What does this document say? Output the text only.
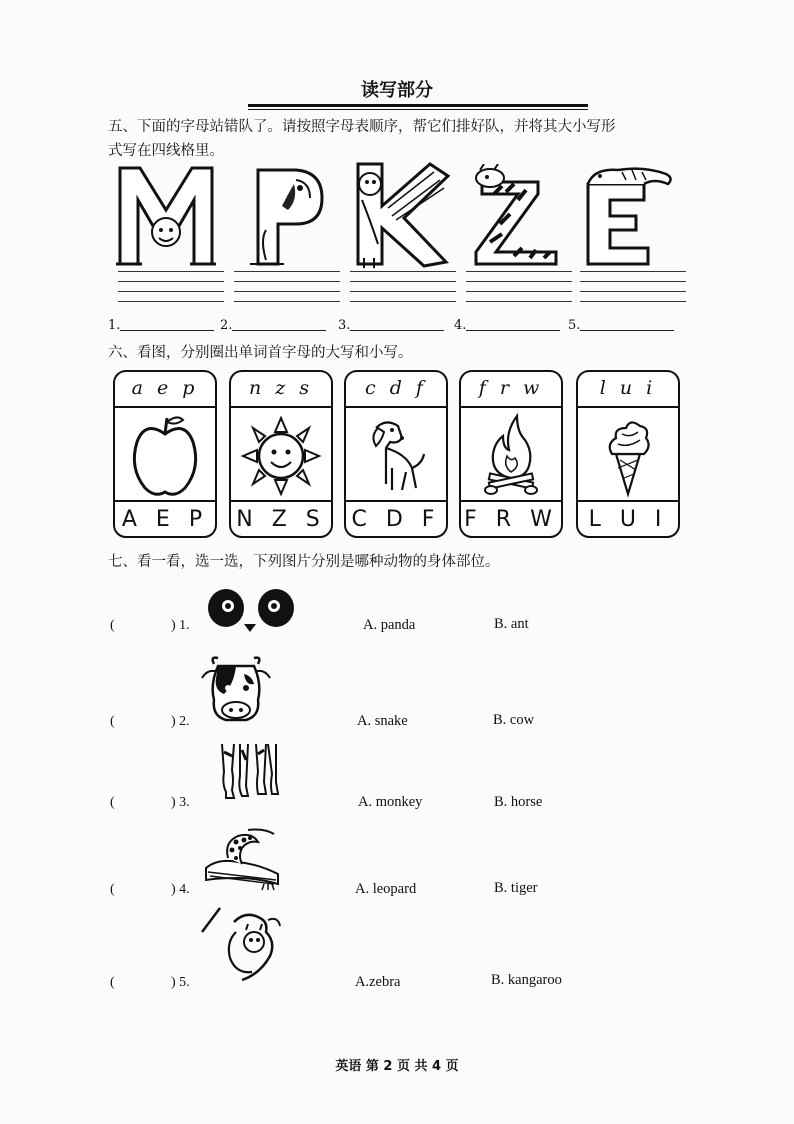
读写部分
五、下面的字母站错队了。请按照字母表顺序，帮它们排好队，并将其大小写形
式写在四线格里。
1.	2.	3.	4.	5.
六、看图，分别圈出单词首字母的大写和小写。
a e p
A E P
n z s
N Z S
c d f
C D F
f r w
F R W
l u i
L U I
七、看一看，选一选，下列图片分别是哪种动物的身体部位。
(	) 1.	A. panda	B. ant
(	) 2.	A. snake	B. cow
(	) 3.	A. monkey	B. horse
(	) 4.	A. leopard	B. tiger
(	) 5.	A.zebra	B. kangaroo
英语 第 2 页 共 4 页
